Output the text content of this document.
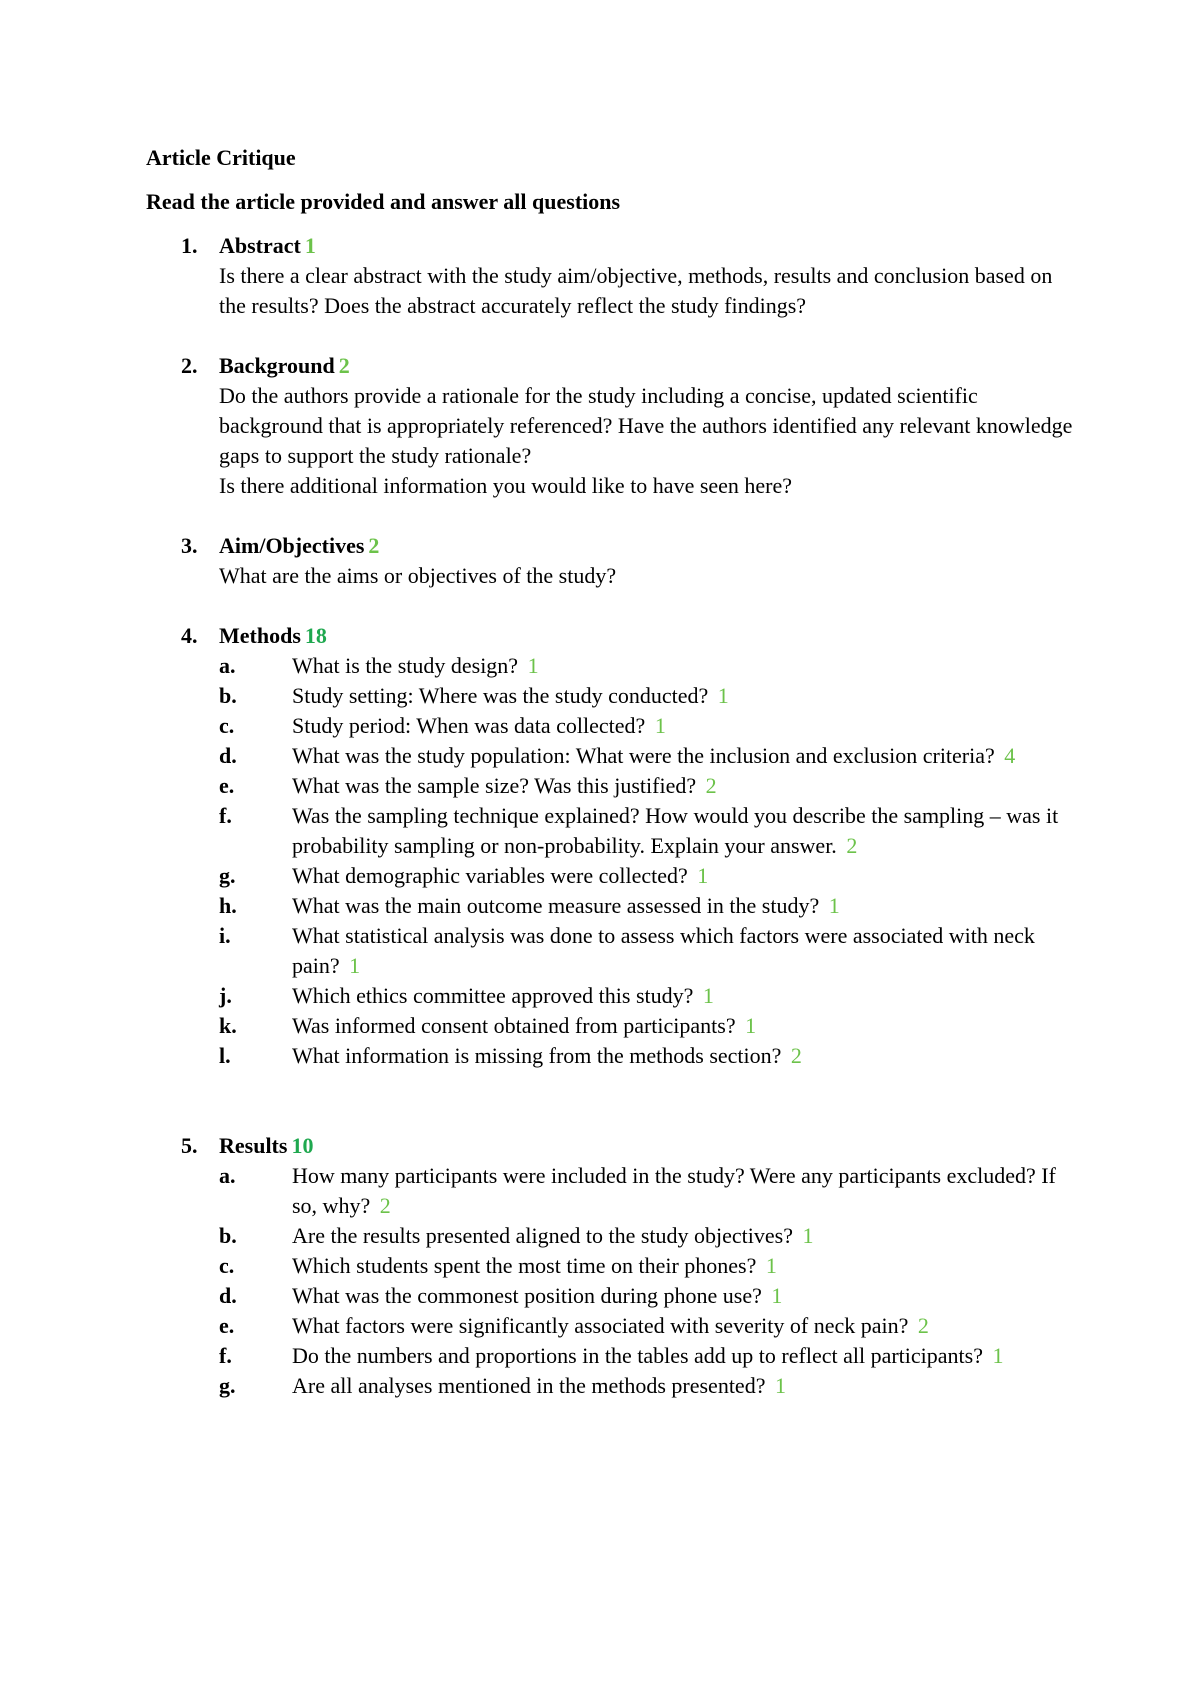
Article Critique
Read the article provided and answer all questions
1. Abstract 1
Is there a clear abstract with the study aim/objective, methods, results and conclusion based on the results? Does the abstract accurately reflect the study findings?
2. Background 2
Do the authors provide a rationale for the study including a concise, updated scientific background that is appropriately referenced? Have the authors identified any relevant knowledge gaps to support the study rationale?
Is there additional information you would like to have seen here?
3. Aim/Objectives 2
What are the aims or objectives of the study?
4. Methods 18
a.	What is the study design? 1
b.	Study setting: Where was the study conducted? 1
c.	Study period: When was data collected? 1
d.	What was the study population: What were the inclusion and exclusion criteria? 4
e.	What was the sample size? Was this justified? 2
f.	Was the sampling technique explained? How would you describe the sampling – was it probability sampling or non-probability. Explain your answer. 2
g.	What demographic variables were collected? 1
h.	What was the main outcome measure assessed in the study? 1
i.	What statistical analysis was done to assess which factors were associated with neck pain? 1
j.	Which ethics committee approved this study? 1
k.	Was informed consent obtained from participants? 1
l.	What information is missing from the methods section? 2
5. Results 10
a.	How many participants were included in the study? Were any participants excluded? If so, why? 2
b.	Are the results presented aligned to the study objectives? 1
c.	Which students spent the most time on their phones? 1
d.	What was the commonest position during phone use? 1
e.	What factors were significantly associated with severity of neck pain? 2
f.	Do the numbers and proportions in the tables add up to reflect all participants? 1
g.	Are all analyses mentioned in the methods presented? 1
